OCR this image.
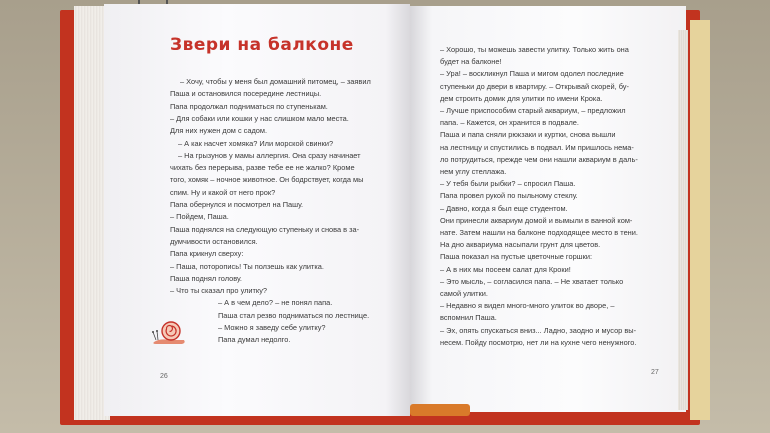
Звери на балконе
– Хочу, чтобы у меня был домашний питомец, – заявил
Паша и остановился посередине лестницы.
Папа продолжал подниматься по ступенькам.
– Для собаки или кошки у нас слишком мало места.
Для них нужен дом с садом.
– А как насчет хомяка? Или морской свинки?
– На грызунов у мамы аллергия. Она сразу начинает
чихать без перерыва, разве тебе ее не жалко? Кроме
того, хомяк – ночное животное. Он бодрствует, когда мы
спим. Ну и какой от него прок?
Папа обернулся и посмотрел на Пашу.
– Пойдем, Паша.
Паша поднялся на следующую ступеньку и снова в за-
думчивости остановился.
Папа крикнул сверху:
– Паша, потoропись! Ты ползешь как улитка.
Паша поднял голову.
– Что ты сказал про улитку?
– А в чем дело? – не понял папа.
Паша стал резво подниматься по лестнице.
– Можно я заведу себе улитку?
Папа думал недолго.
– Хорошо, ты можешь завести улитку. Только жить она
будет на балконе!
– Ура! – воскликнул Паша и мигом одолел последние
ступеньки до двери в квартиру. – Открывай скорей, бу-
дем строить домик для улитки по имени Крока.
– Лучше приспособим старый аквариум, – предложил
папа. – Кажется, он хранится в подвале.
Паша и папа сняли рюкзаки и куртки, снова вышли
на лестницу и спустились в подвал. Им пришлось нема-
ло потрудиться, прежде чем они нашли аквариум в даль-
нем углу стеллажа.
– У тебя были рыбки? – спросил Паша.
Папа провел рукой по пыльному стеклу.
– Давно, когда я был еще студентом.
Они принесли аквариум домой и вымыли в ванной ком-
нате. Затем нашли на балконе подходящее место в тени.
На дно аквариума насыпали грунт для цветов.
Паша показал на пустые цветочные горшки:
– А в них мы посеем салат для Кроки!
– Это мысль, – согласился папа. – Не хватает только
самой улитки.
– Недавно я видел много-много улиток во дворе, –
вспомнил Паша.
– Эх, опять спускаться вниз... Ладно, заодно и мусор вы-
несем. Пойду посмотрю, нет ли на кухне чего ненужного.
26
27
